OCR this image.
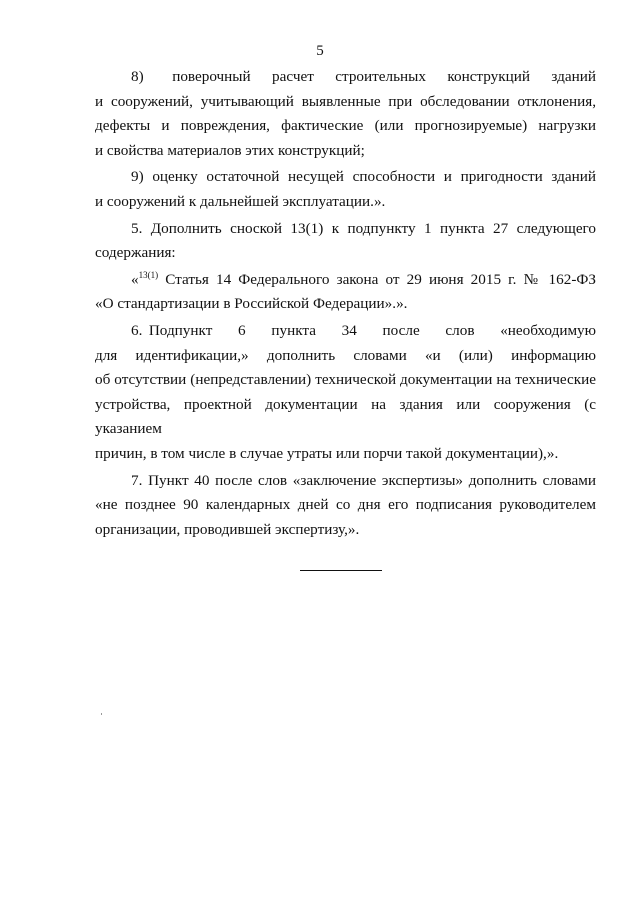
5

8)    поверочный   расчет   строительных   конструкций   зданий
и сооружений, учитывающий выявленные при обследовании отклонения,
дефекты и повреждения, фактические (или прогнозируемые) нагрузки
и свойства материалов этих конструкций;

9) оценку остаточной несущей способности и пригодности зданий
и сооружений к дальнейшей эксплуатации.».

5. Дополнить сноской 13(1) к подпункту 1 пункта 27 следующего
содержания:

«$^{13(1)}$ Статья 14 Федерального закона от 29 июня 2015 г. № 162-ФЗ
«О стандартизации в Российской Федерации».».

6. Подпункт    6    пункта    34    после    слов    «необходимую
для   идентификации,»   дополнить   словами   «и   (или)   информацию
об отсутствии (непредставлении) технической документации на технические
устройства, проектной документации на здания или сооружения (с указанием
причин, в том числе в случае утраты или порчи такой документации),».

7. Пункт 40 после слов «заключение экспертизы» дополнить словами
«не позднее 90 календарных дней со дня его подписания руководителем
организации, проводившей экспертизу,».
